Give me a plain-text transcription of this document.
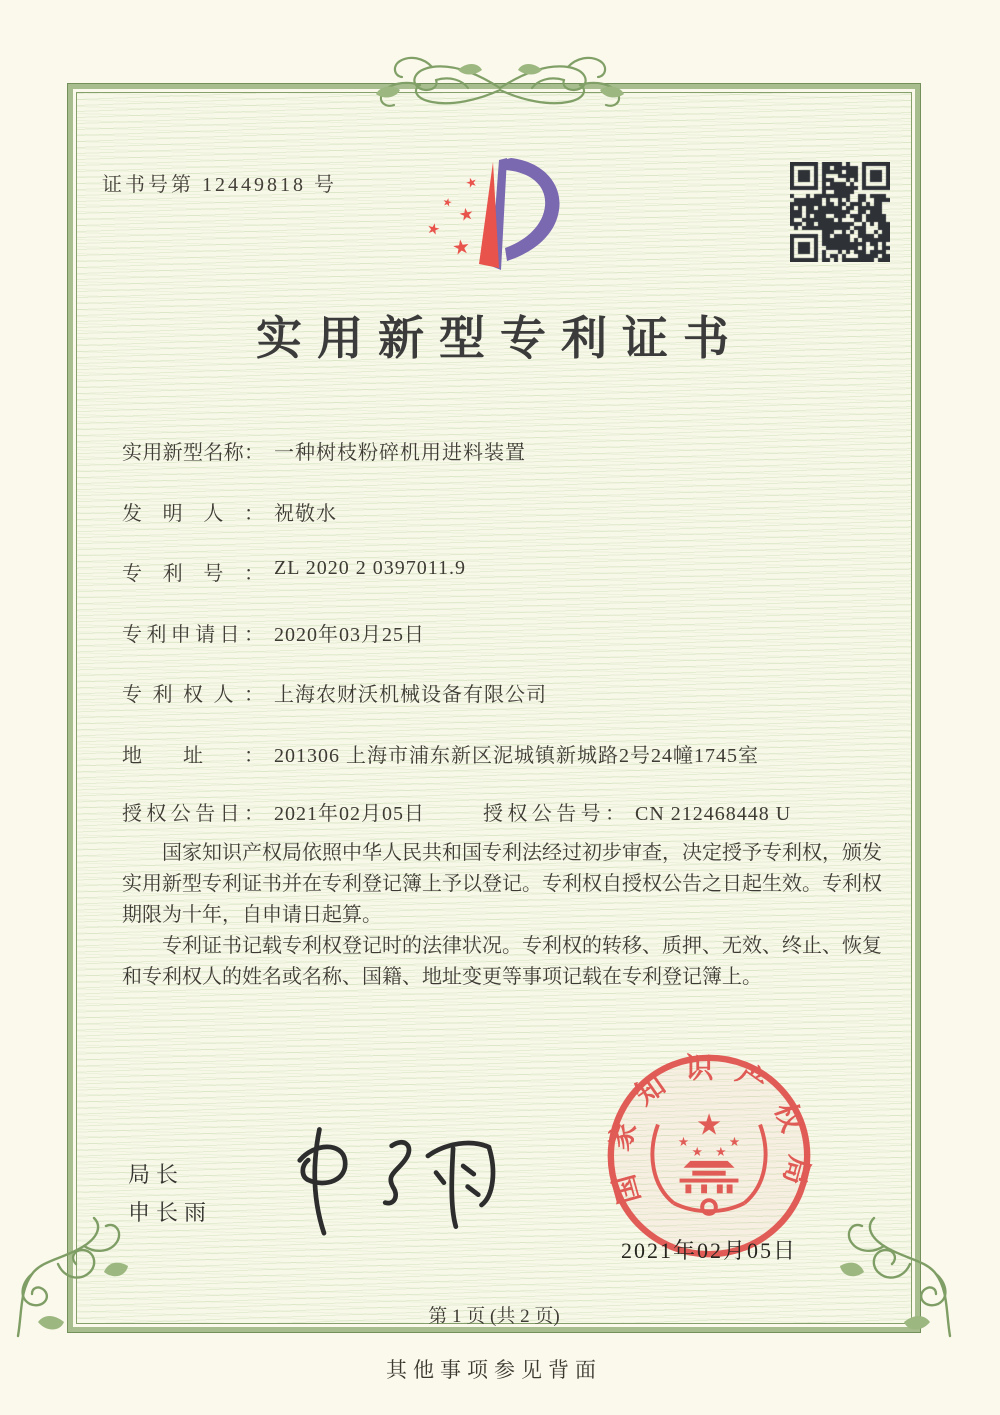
证书号第 12449818 号	★
★
★
★
★
实用新型专利证书
实用新型名称： 一种树枝粉碎机用进料装置
发明人： 祝敬水
专利号： ZL 2020 2 0397011.9
专利申请日： 2020年03月25日
专利权人： 上海农财沃机械设备有限公司
地址： 201306 上海市浦东新区泥城镇新城路2号24幢1745室
授权公告日： 2021年02月05日	授权公告号： CN 212468448 U

国家知识产权局依照中华人民共和国专利法经过初步审查，决定授予专利权，颁发实用新型专利证书并在专利登记簿上予以登记。专利权自授权公告之日起生效。专利权期限为十年，自申请日起算。

专利证书记载专利权登记时的法律状况。专利权的转移、质押、无效、终止、恢复和专利权人的姓名或名称、国籍、地址变更等事项记载在专利登记簿上。

局长
申长雨
国家知识产权局
★
★	★
★ ★
2021年02月05日
第 1 页 (共 2 页)
其他事项参见背面
